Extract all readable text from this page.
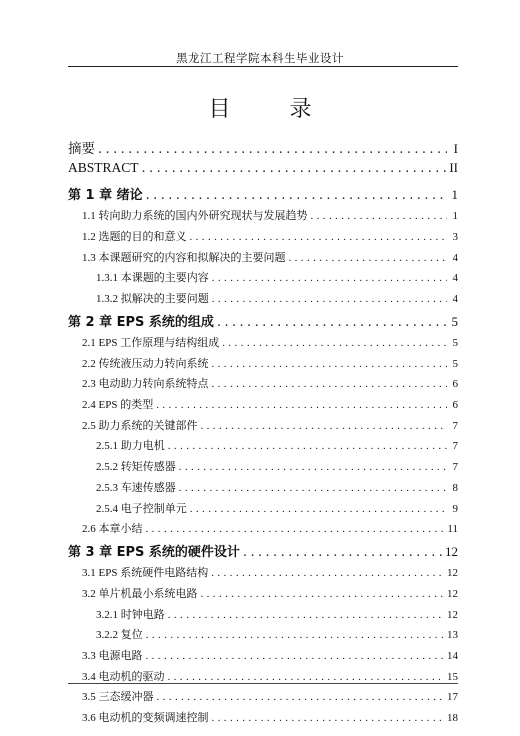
黑龙江工程学院本科生毕业设计
目 录
摘要 .....	I
ABSTRACT .....	II
第 1 章 绪论 .....	1
1.1 转向助力系统的国内外研究现状与发展趋势 .....	1
1.2 选题的目的和意义 .....	3
1.3 本课题研究的内容和拟解决的主要问题 .....	4
1.3.1 本课题的主要内容 .....	4
1.3.2 拟解决的主要问题 .....	4
第 2 章 EPS 系统的组成 .....	5
2.1 EPS 工作原理与结构组成 .....	5
2.2 传统液压动力转向系统 .....	5
2.3 电动助力转向系统特点 .....	6
2.4 EPS 的类型 .....	6
2.5 助力系统的关键部件 .....	7
2.5.1 助力电机 .....	7
2.5.2 转矩传感器 .....	7
2.5.3 车速传感器 .....	8
2.5.4 电子控制单元 .....	9
2.6 本章小结 .....	11
第 3 章 EPS 系统的硬件设计 .....	12
3.1 EPS 系统硬件电路结构 .....	12
3.2 单片机最小系统电路 .....	12
3.2.1 时钟电路 .....	12
3.2.2 复位 .....	13
3.3 电源电路 .....	14
3.4 电动机的驱动 .....	15
3.5 三态缓冲器 .....	17
3.6 电动机的变频调速控制 .....	18
